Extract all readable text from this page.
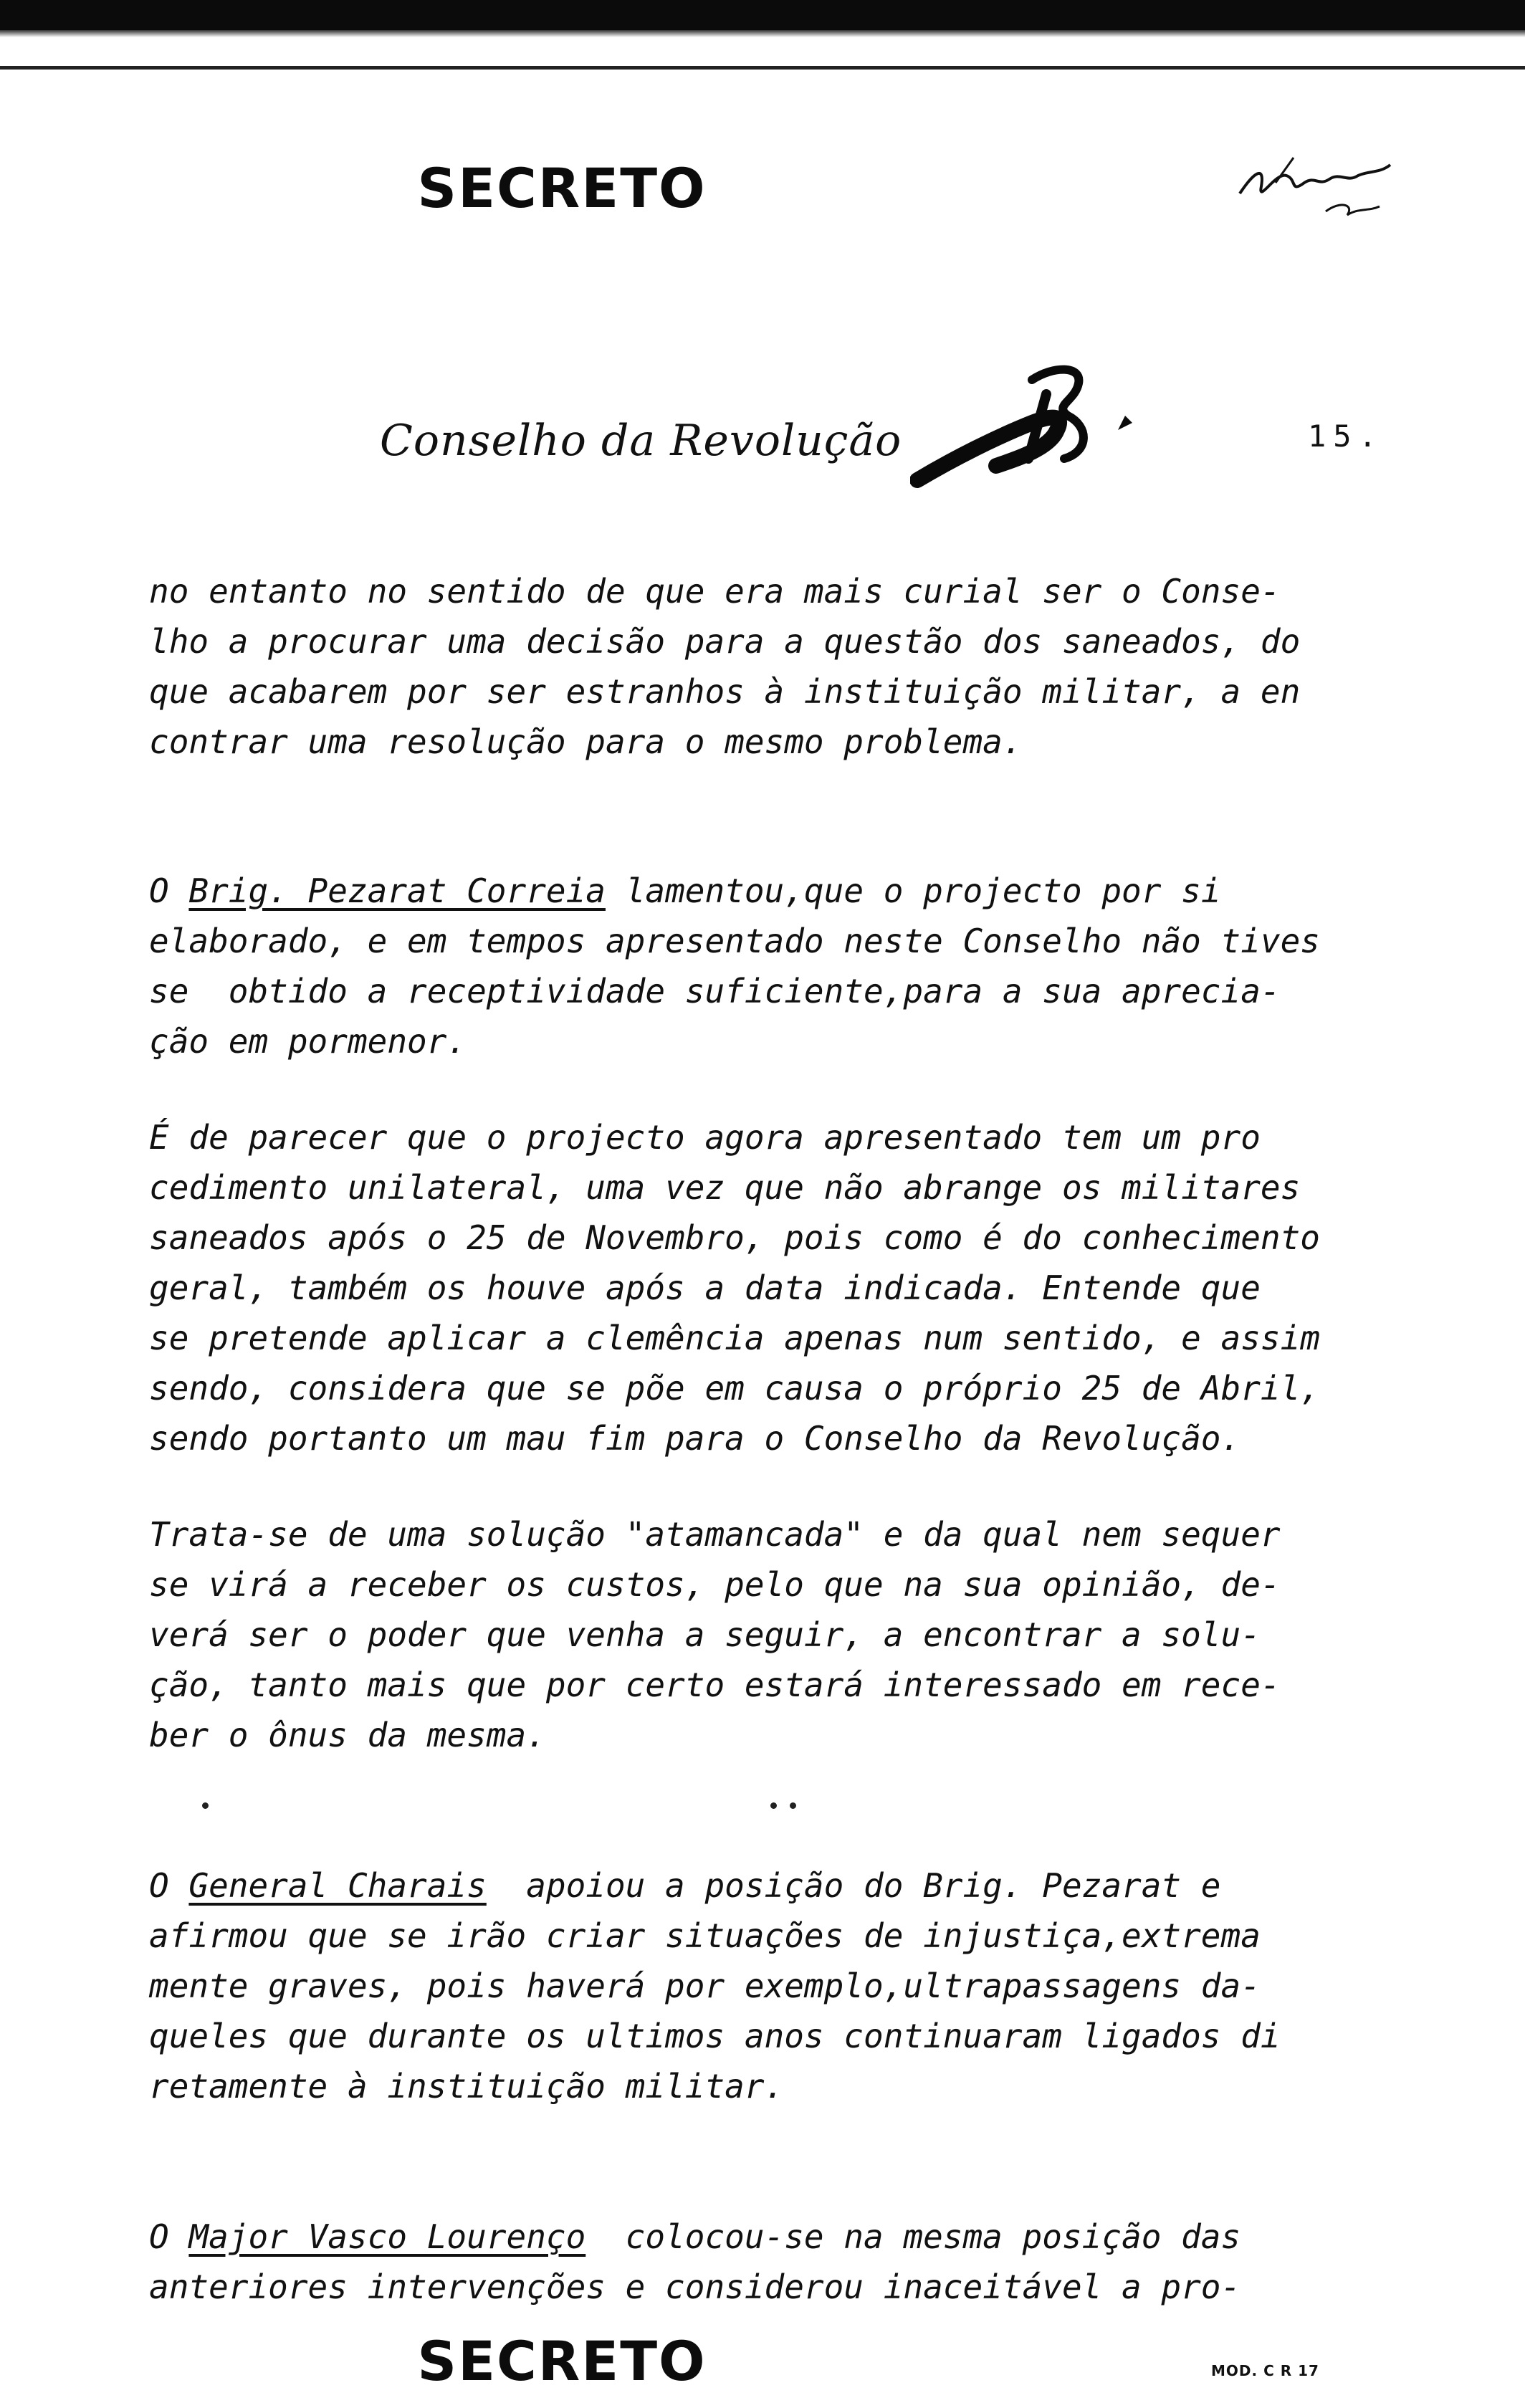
SECRETO
Conselho da Revolução	15.

no entanto no sentido de que era mais curial ser o Conse-

lho a procurar uma decisão para a questão dos saneados, do

que acabarem por ser estranhos à instituição militar, a en

contrar uma resolução para o mesmo problema.

O Brig. Pezarat Correia lamentou,que o projecto por si

elaborado, e em tempos apresentado neste Conselho não tives

se  obtido a receptividade suficiente,para a sua aprecia-

ção em pormenor.

É de parecer que o projecto agora apresentado tem um pro

cedimento unilateral, uma vez que não abrange os militares

saneados após o 25 de Novembro, pois como é do conhecimento

geral, também os houve após a data indicada. Entende que

se pretende aplicar a clemência apenas num sentido, e assim

sendo, considera que se põe em causa o próprio 25 de Abril,

sendo portanto um mau fim para o Conselho da Revolução.

Trata-se de uma solução "atamancada" e da qual nem sequer

se virá a receber os custos, pelo que na sua opinião, de-

verá ser o poder que venha a seguir, a encontrar a solu-

ção, tanto mais que por certo estará interessado em rece-

ber o ônus da mesma.

O General Charais  apoiou a posição do Brig. Pezarat e

afirmou que se irão criar situações de injustiça,extrema

mente graves, pois haverá por exemplo,ultrapassagens da-

queles que durante os ultimos anos continuaram ligados di

retamente à instituição militar.

O Major Vasco Lourenço  colocou-se na mesma posição das

anteriores intervenções e considerou inaceitável a pro-

SECRETO	MOD. C R 17
